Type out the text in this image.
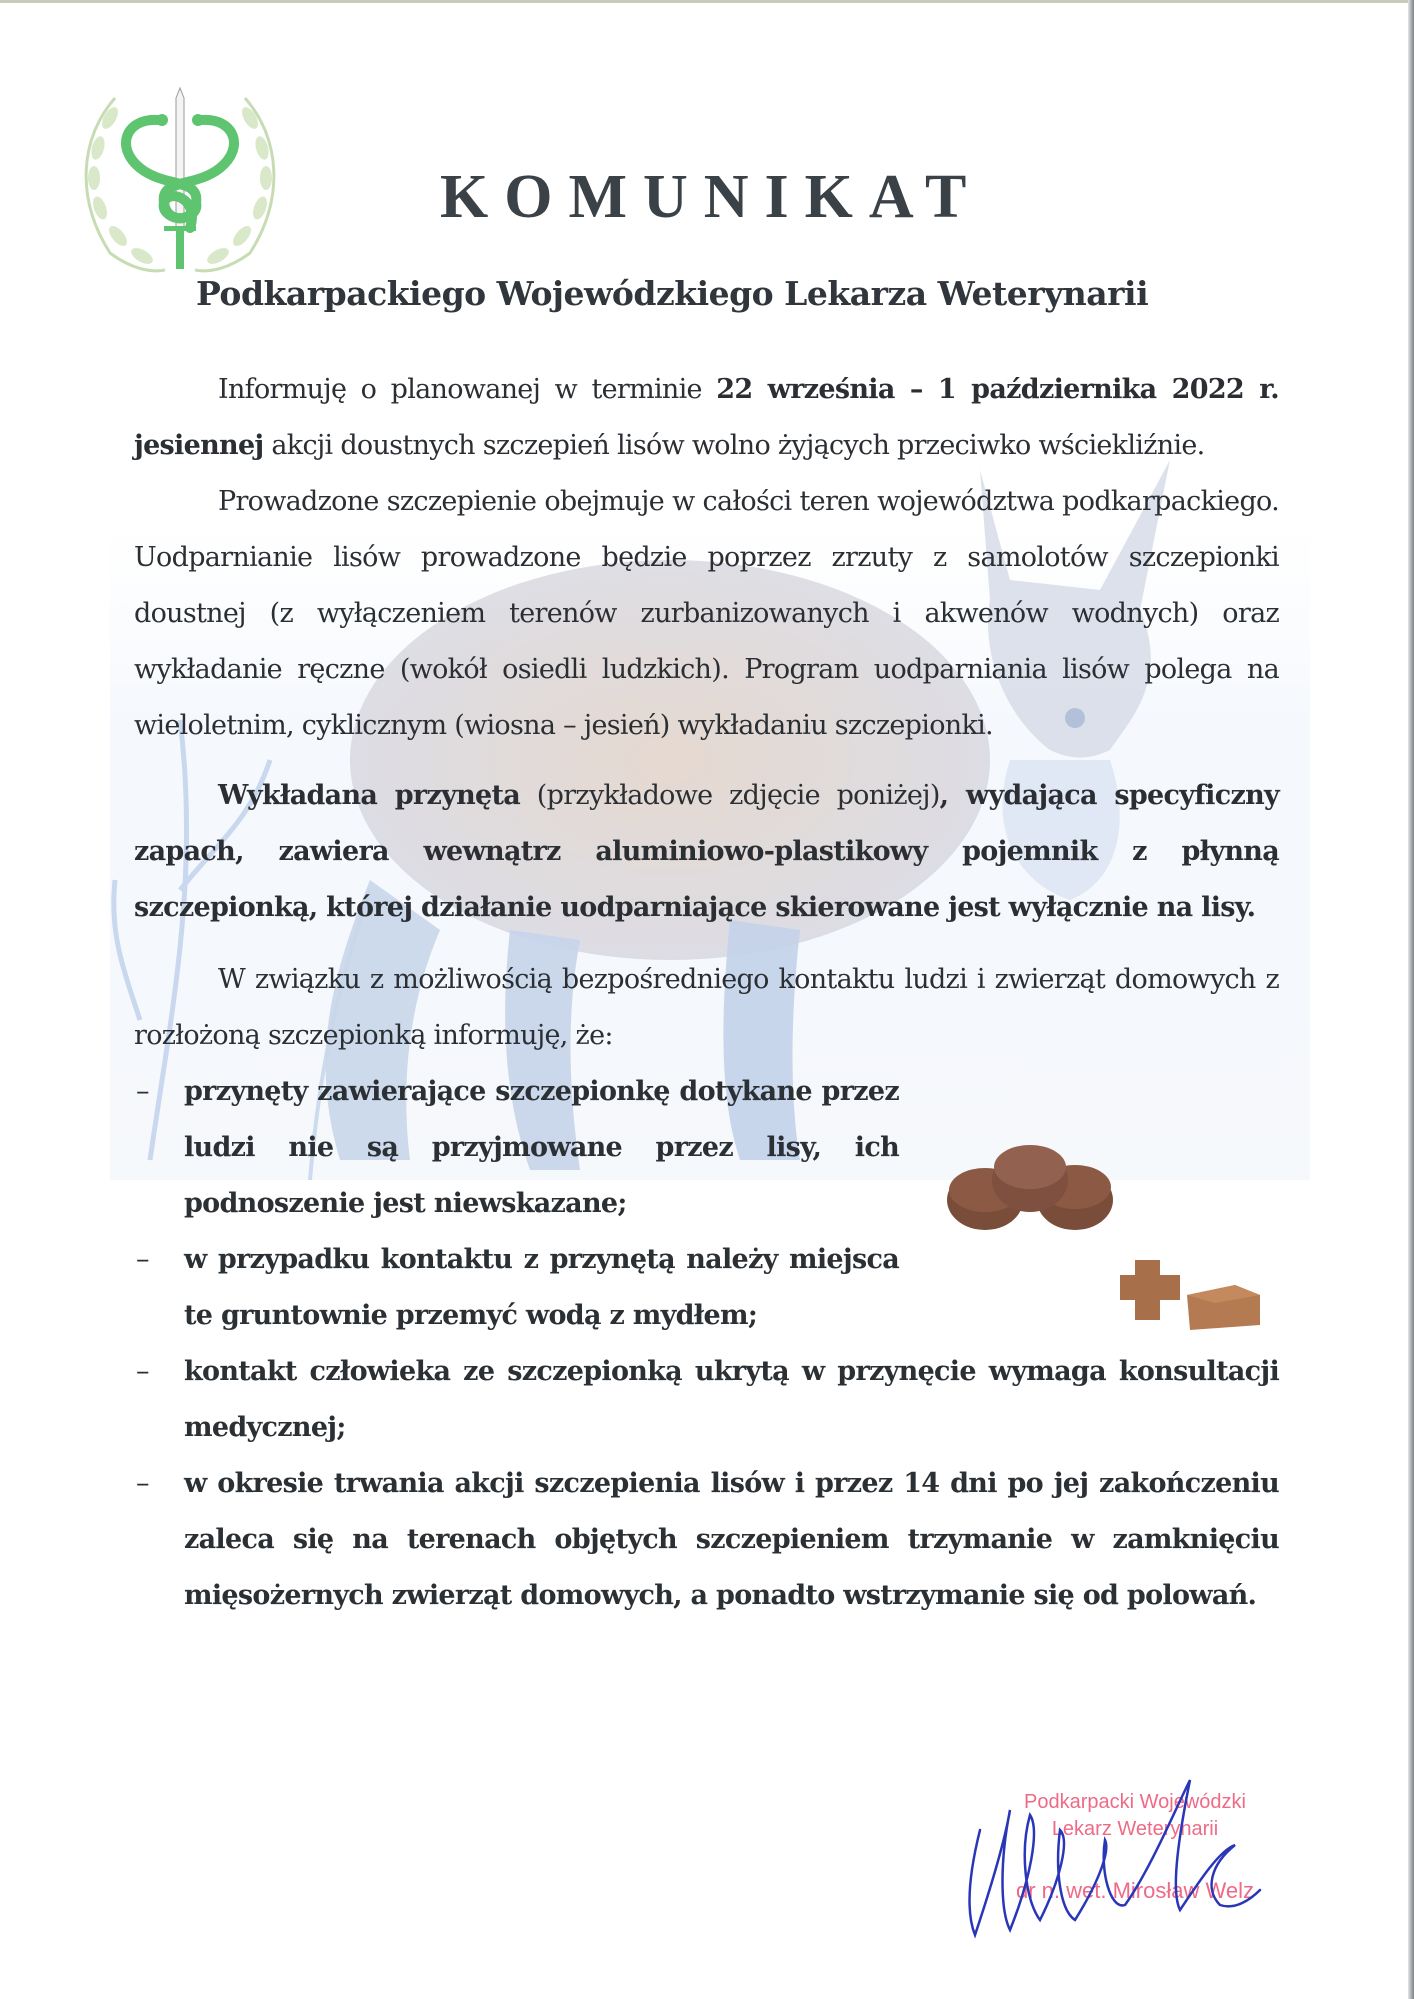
KOMUNIKAT
Podkarpackiego Wojewódzkiego Lekarza Weterynarii

Informuję o planowanej w terminie 22 września – 1 października 2022 r. jesiennej akcji doustnych szczepień lisów wolno żyjących przeciwko wściekliźnie.

Prowadzone szczepienie obejmuje w całości teren województwa podkarpackiego. Uodparnianie lisów prowadzone będzie poprzez zrzuty z samolotów szczepionki doustnej (z wyłączeniem terenów zurbanizowanych i akwenów wodnych) oraz wykładanie ręczne (wokół osiedli ludzkich). Program uodparniania lisów polega na wieloletnim, cyklicznym (wiosna – jesień) wykładaniu szczepionki.

Wykładana przynęta (przykładowe zdjęcie poniżej), wydająca specyficzny zapach, zawiera wewnątrz aluminiowo-plastikowy pojemnik z płynną szczepionką, której działanie uodparniające skierowane jest wyłącznie na lisy.

W związku z możliwością bezpośredniego kontaktu ludzi i zwierząt domowych z rozłożoną szczepionką informuję, że:

– przynęty zawierające szczepionkę dotykane przez ludzi nie są przyjmowane przez lisy, ich podnoszenie jest niewskazane;
– w przypadku kontaktu z przynętą należy miejsca te gruntownie przemyć wodą z mydłem;
– kontakt człowieka ze szczepionką ukrytą w przynęcie wymaga konsultacji medycznej;
– w okresie trwania akcji szczepienia lisów i przez 14 dni po jej zakończeniu zaleca się na terenach objętych szczepieniem trzymanie w zamknięciu mięsożernych zwierząt domowych, a ponadto wstrzymanie się od polowań.
Podkarpacki Wojewódzki
Lekarz Weterynarii
dr n. wet. Mirosław Welz
